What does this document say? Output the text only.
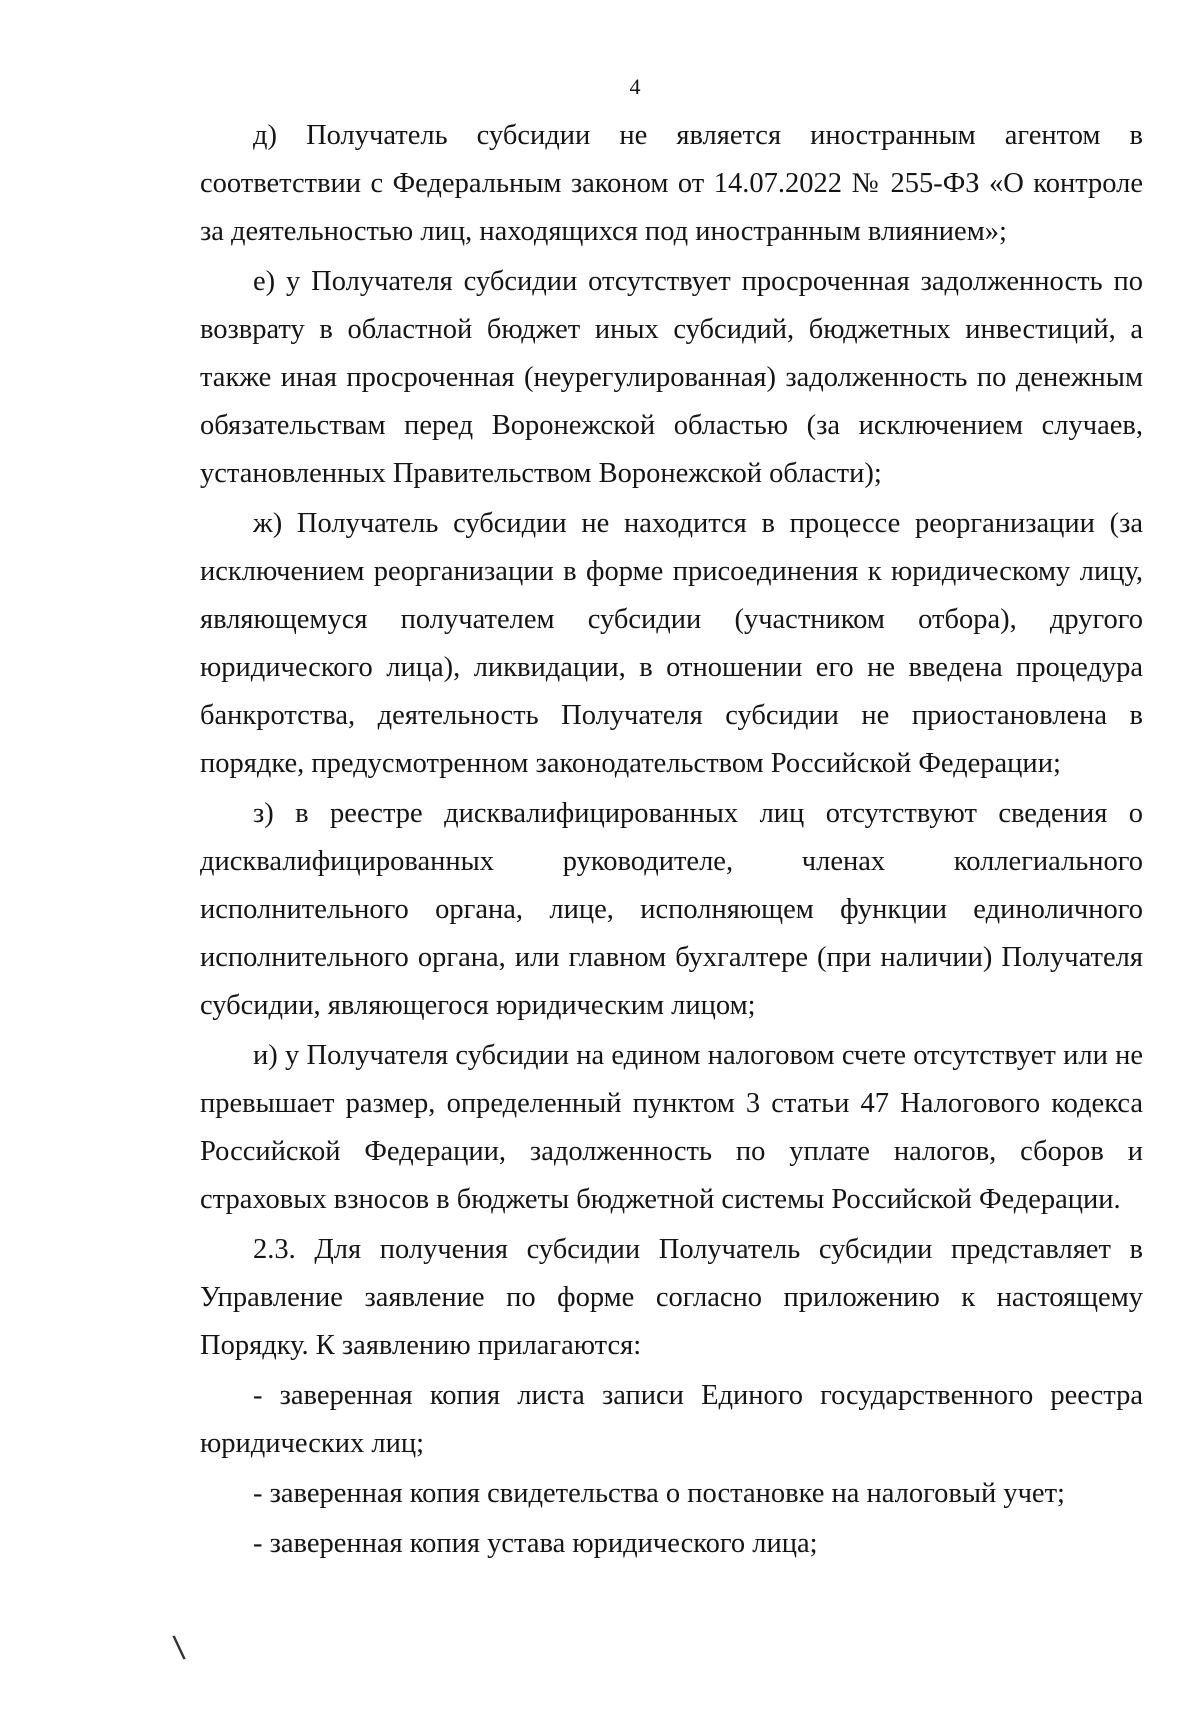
4

д) Получатель субсидии не является иностранным агентом в соответствии с Федеральным законом от 14.07.2022 № 255-ФЗ «О контроле за деятельностью лиц, находящихся под иностранным влиянием»;

е) у Получателя субсидии отсутствует просроченная задолженность по возврату в областной бюджет иных субсидий, бюджетных инвестиций, а также иная просроченная (неурегулированная) задолженность по денежным обязательствам перед Воронежской областью (за исключением случаев, установленных Правительством Воронежской области);

ж) Получатель субсидии не находится в процессе реорганизации (за исключением реорганизации в форме присоединения к юридическому лицу, являющемуся получателем субсидии (участником отбора), другого юридического лица), ликвидации, в отношении его не введена процедура банкротства, деятельность Получателя субсидии не приостановлена в порядке, предусмотренном законодательством Российской Федерации;

з) в реестре дисквалифицированных лиц отсутствуют сведения о дисквалифицированных руководителе, членах коллегиального исполнительного органа, лице, исполняющем функции единоличного исполнительного органа, или главном бухгалтере (при наличии) Получателя субсидии, являющегося юридическим лицом;

и) у Получателя субсидии на едином налоговом счете отсутствует или не превышает размер, определенный пунктом 3 статьи 47 Налогового кодекса Российской Федерации, задолженность по уплате налогов, сборов и страховых взносов в бюджеты бюджетной системы Российской Федерации.

2.3. Для получения субсидии Получатель субсидии представляет в Управление заявление по форме согласно приложению к настоящему Порядку. К заявлению прилагаются:

- заверенная копия листа записи Единого государственного реестра юридических лиц;

- заверенная копия свидетельства о постановке на налоговый учет;

- заверенная копия устава юридического лица;

\
